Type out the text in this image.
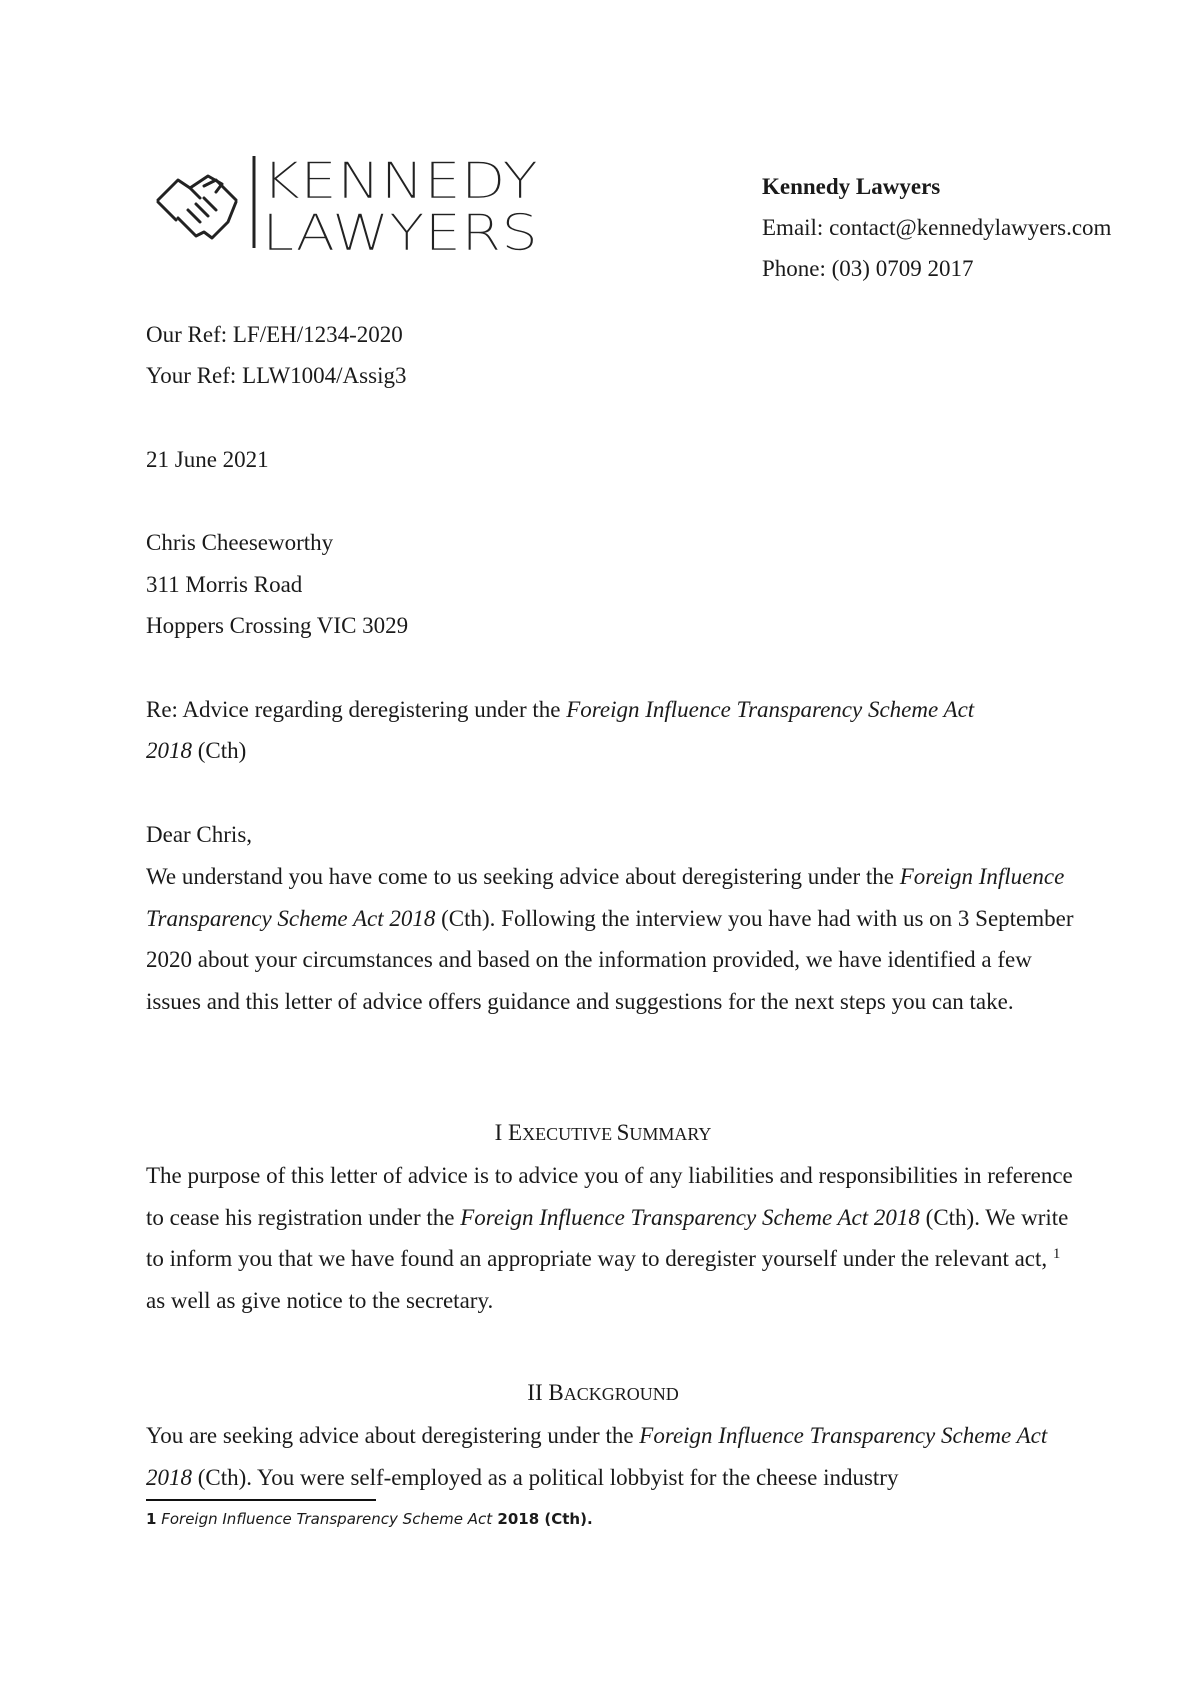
KENNEDY
LAWYERS
Kennedy Lawyers
Email: contact@kennedylawyers.com
Phone: (03) 0709 2017
Our Ref: LF/EH/1234-2020
Your Ref: LLW1004/Assig3
21 June 2021
Chris Cheeseworthy
311 Morris Road
Hoppers Crossing VIC 3029
Re: Advice regarding deregistering under the Foreign Influence Transparency Scheme Act
2018 (Cth)
Dear Chris,
We understand you have come to us seeking advice about deregistering under the Foreign Influence Transparency Scheme Act 2018 (Cth). Following the interview you have had with us on 3 September 2020 about your circumstances and based on the information provided, we have identified a few issues and this letter of advice offers guidance and suggestions for the next steps you can take.
I EXECUTIVE SUMMARY
The purpose of this letter of advice is to advice you of any liabilities and responsibilities in reference to cease his registration under the Foreign Influence Transparency Scheme Act 2018 (Cth). We write to inform you that we have found an appropriate way to deregister yourself under the relevant act, $^1$ as well as give notice to the secretary.
II BACKGROUND
You are seeking advice about deregistering under the Foreign Influence Transparency Scheme Act 2018 (Cth). You were self-employed as a political lobbyist for the cheese industry
1 Foreign Influence Transparency Scheme Act 2018 (Cth).
